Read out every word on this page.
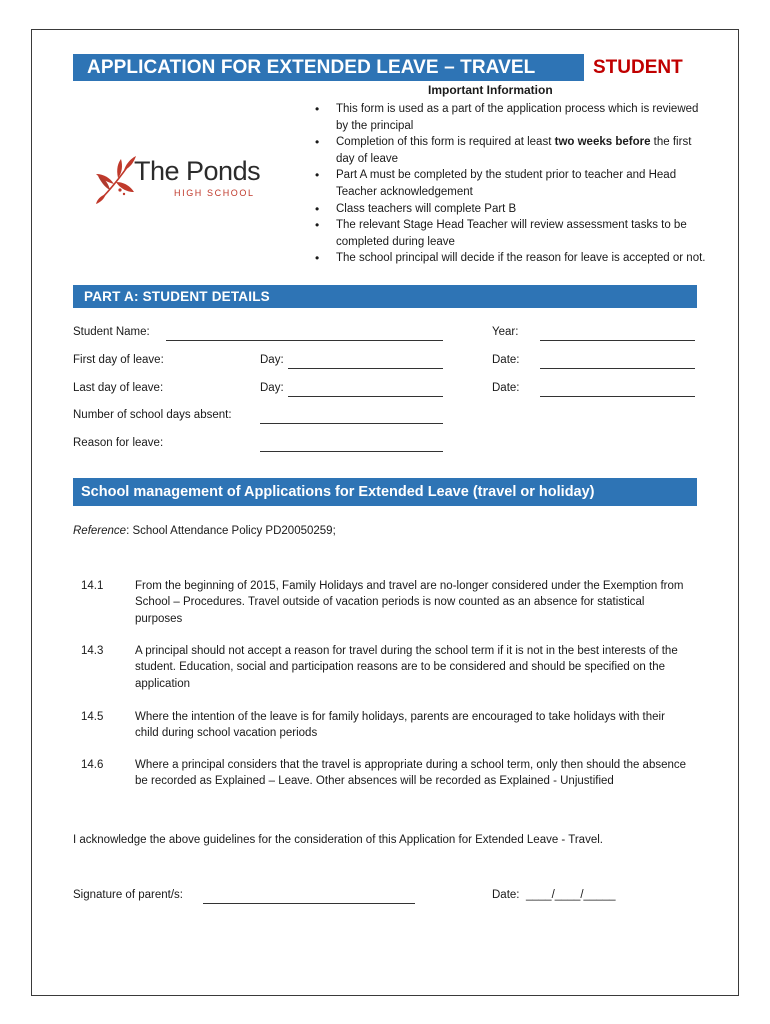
APPLICATION FOR EXTENDED LEAVE – TRAVEL	STUDENT
The Ponds
HIGH SCHOOL
Important Information
• This form is used as a part of the application process which is reviewed by the principal
• Completion of this form is required at least two weeks before the first day of leave
• Part A must be completed by the student prior to teacher and Head Teacher acknowledgement
• Class teachers will complete Part B
• The relevant Stage Head Teacher will review assessment tasks to be completed during leave
• The school principal will decide if the reason for leave is accepted or not.
PART A: STUDENT DETAILS
Student Name:	Year:
First day of leave:	Day:	Date:
Last day of leave:	Day:	Date:
Number of school days absent:
Reason for leave:
School management of Applications for Extended Leave (travel or holiday)
Reference: School Attendance Policy PD20050259;
14.1	From the beginning of 2015, Family Holidays and travel are no-longer considered under the Exemption from School – Procedures. Travel outside of vacation periods is now counted as an absence for statistical purposes
14.3	A principal should not accept a reason for travel during the school term if it is not in the best interests of the student. Education, social and participation reasons are to be considered and should be specified on the application
14.5	Where the intention of the leave is for family holidays, parents are encouraged to take holidays with their child during school vacation periods
14.6	Where a principal considers that the travel is appropriate during a school term, only then should the absence be recorded as Explained – Leave. Other absences will be recorded as Explained - Unjustified
I acknowledge the above guidelines for the consideration of this Application for Extended Leave - Travel.
Signature of parent/s:	Date: ____/____/_____
